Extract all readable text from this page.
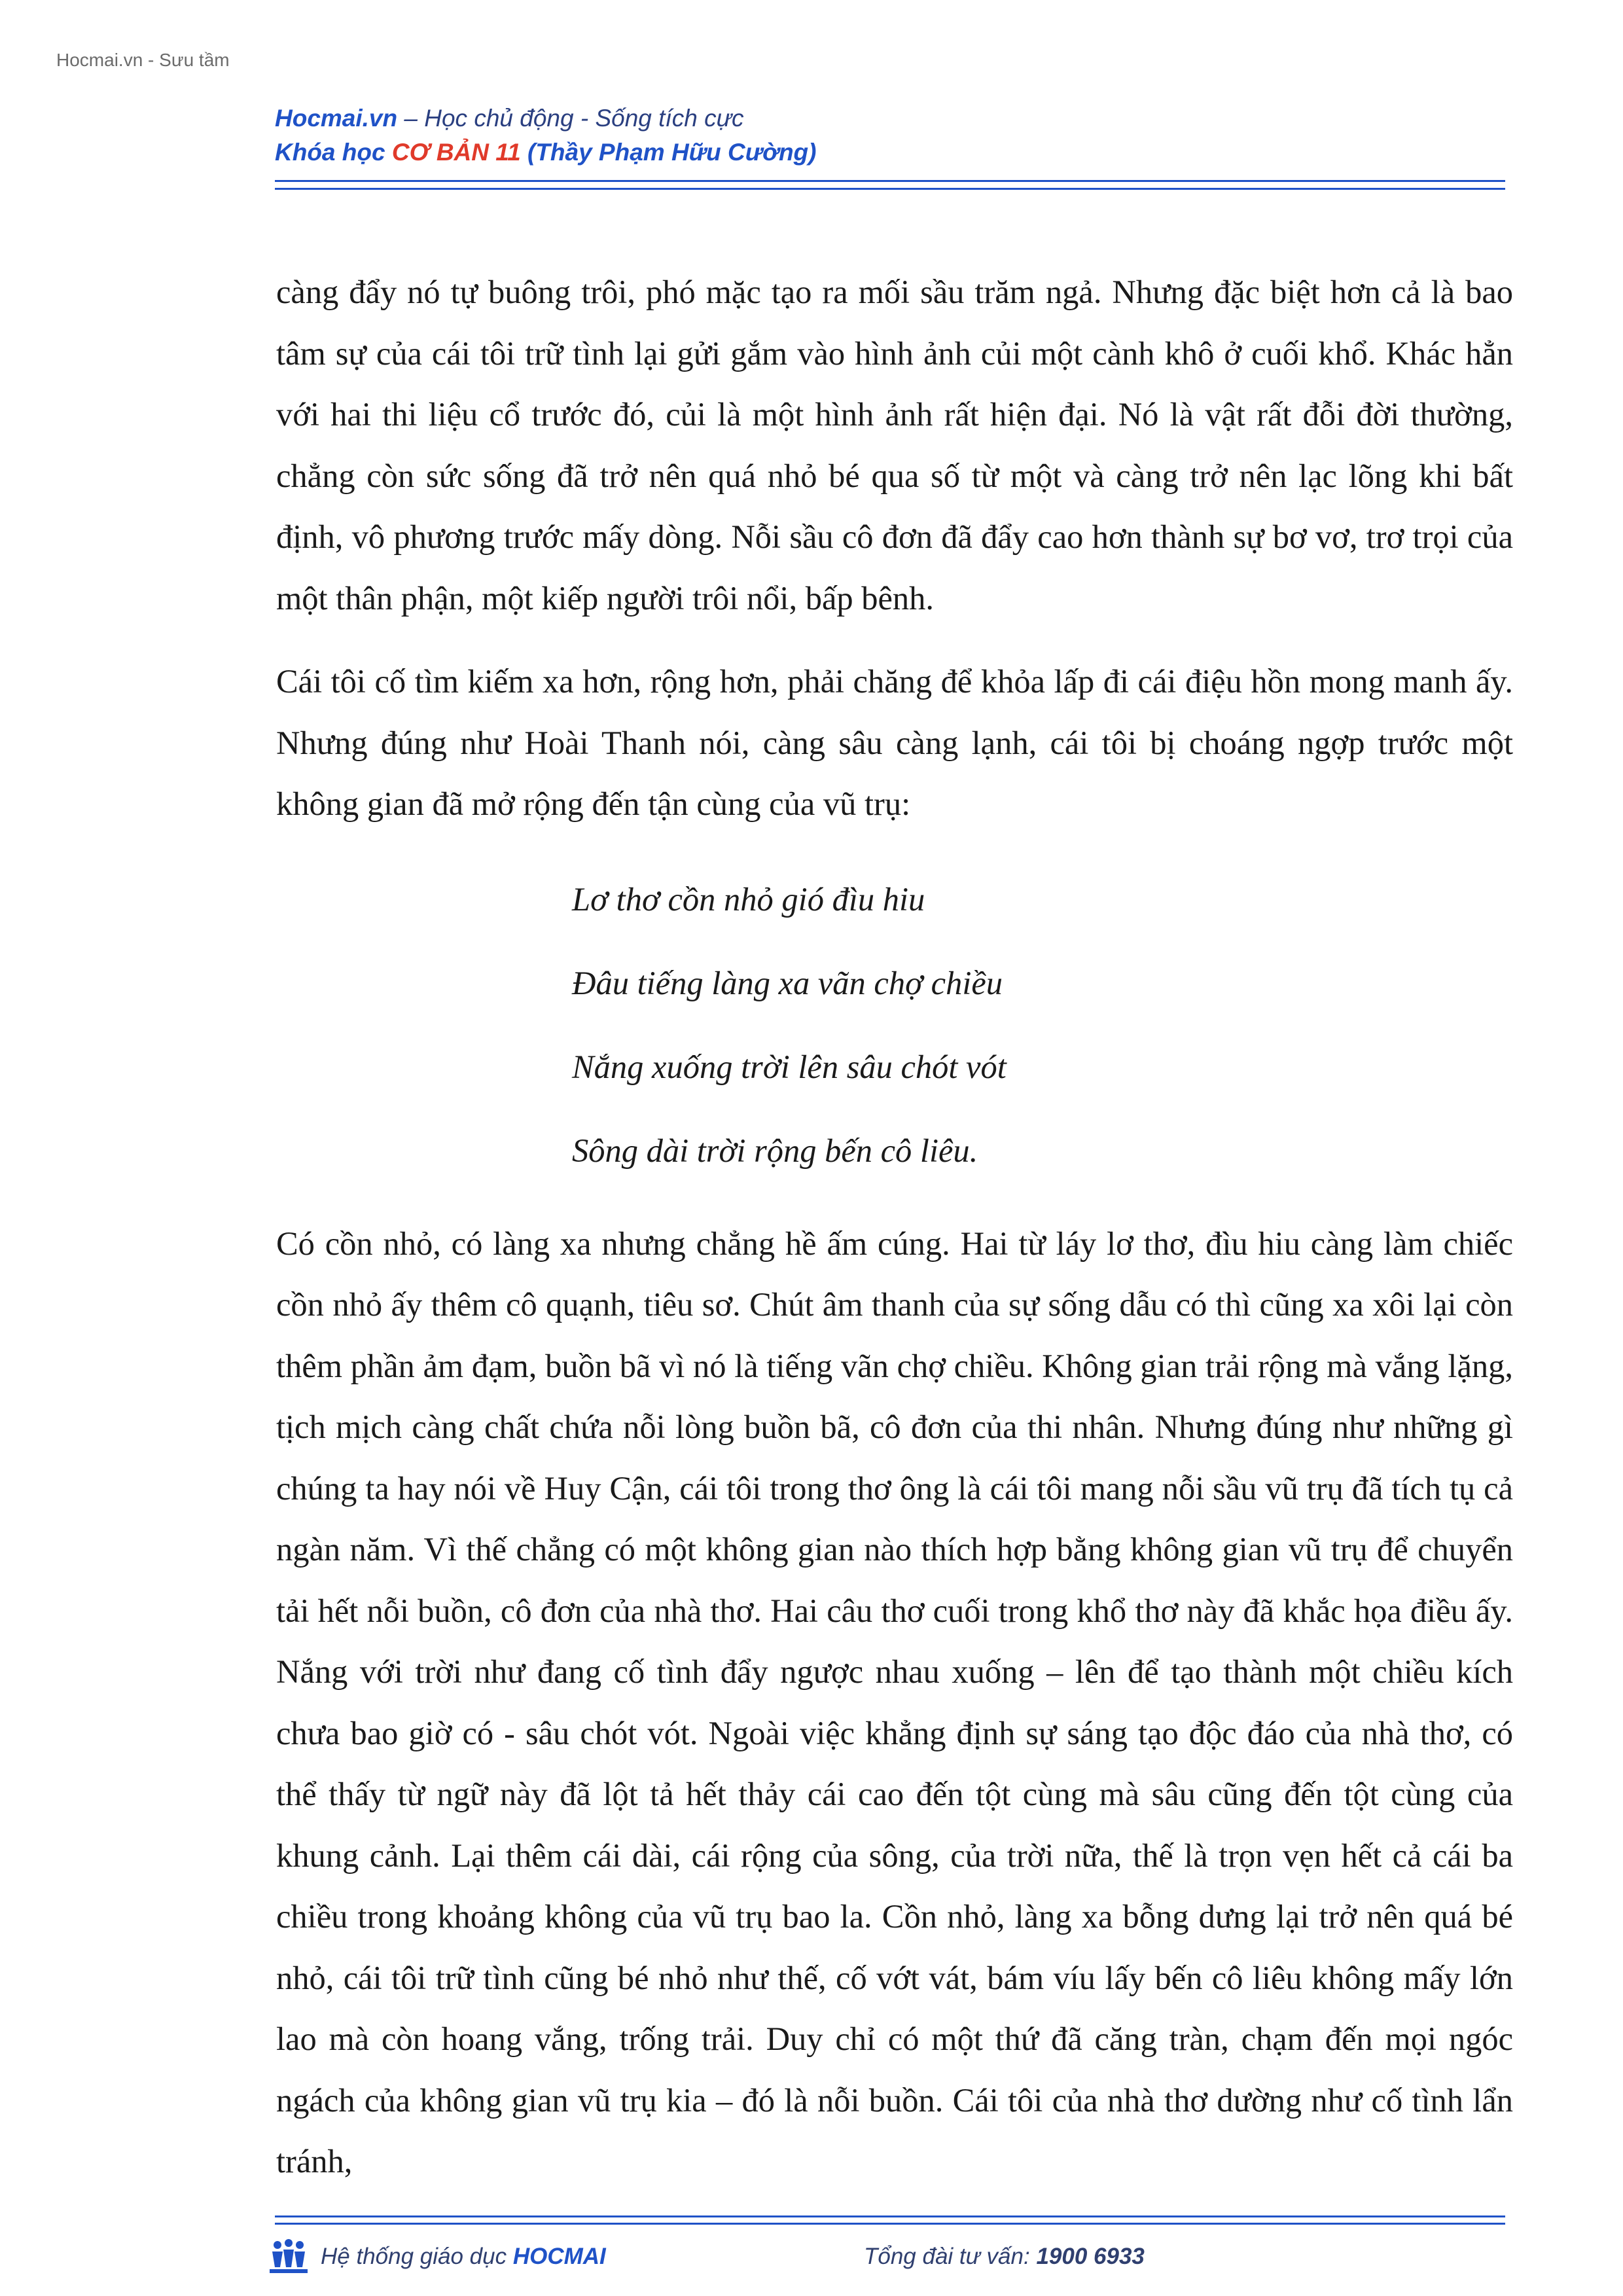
Hocmai.vn - Sưu tầm
Hocmai.vn – Học chủ động - Sống tích cực
Khóa học CƠ BẢN 11 (Thầy Phạm Hữu Cường)

càng đẩy nó tự buông trôi, phó mặc tạo ra mối sầu trăm ngả. Nhưng đặc biệt hơn cả là bao tâm sự của cái tôi trữ tình lại gửi gắm vào hình ảnh củi một cành khô ở cuối khổ. Khác hẳn với hai thi liệu cổ trước đó, củi là một hình ảnh rất hiện đại. Nó là vật rất đỗi đời thường, chẳng còn sức sống đã trở nên quá nhỏ bé qua số từ một và càng trở nên lạc lõng khi bất định, vô phương trước mấy dòng. Nỗi sầu cô đơn đã đẩy cao hơn thành sự bơ vơ, trơ trọi của một thân phận, một kiếp người trôi nổi, bấp bênh.

Cái tôi cố tìm kiếm xa hơn, rộng hơn, phải chăng để khỏa lấp đi cái điệu hồn mong manh ấy. Nhưng đúng như Hoài Thanh nói, càng sâu càng lạnh, cái tôi bị choáng ngợp trước một không gian đã mở rộng đến tận cùng của vũ trụ:

Lơ thơ cồn nhỏ gió đìu hiu
Đâu tiếng làng xa vãn chợ chiều
Nắng xuống trời lên sâu chót vót
Sông dài trời rộng bến cô liêu.

Có cồn nhỏ, có làng xa nhưng chẳng hề ấm cúng. Hai từ láy lơ thơ, đìu hiu càng làm chiếc cồn nhỏ ấy thêm cô quạnh, tiêu sơ. Chút âm thanh của sự sống dẫu có thì cũng xa xôi lại còn thêm phần ảm đạm, buồn bã vì nó là tiếng vãn chợ chiều. Không gian trải rộng mà vắng lặng, tịch mịch càng chất chứa nỗi lòng buồn bã, cô đơn của thi nhân. Nhưng đúng như những gì chúng ta hay nói về Huy Cận, cái tôi trong thơ ông là cái tôi mang nỗi sầu vũ trụ đã tích tụ cả ngàn năm. Vì thế chẳng có một không gian nào thích hợp bằng không gian vũ trụ để chuyển tải hết nỗi buồn, cô đơn của nhà thơ. Hai câu thơ cuối trong khổ thơ này đã khắc họa điều ấy. Nắng với trời như đang cố tình đẩy ngược nhau xuống – lên để tạo thành một chiều kích chưa bao giờ có - sâu chót vót. Ngoài việc khẳng định sự sáng tạo độc đáo của nhà thơ, có thể thấy từ ngữ này đã lột tả hết thảy cái cao đến tột cùng mà sâu cũng đến tột cùng của khung cảnh. Lại thêm cái dài, cái rộng của sông, của trời nữa, thế là trọn vẹn hết cả cái ba chiều trong khoảng không của vũ trụ bao la. Cồn nhỏ, làng xa bỗng dưng lại trở nên quá bé nhỏ, cái tôi trữ tình cũng bé nhỏ như thế, cố vớt vát, bám víu lấy bến cô liêu không mấy lớn lao mà còn hoang vắng, trống trải. Duy chỉ có một thứ đã căng tràn, chạm đến mọi ngóc ngách của không gian vũ trụ kia – đó là nỗi buồn. Cái tôi của nhà thơ dường như cố tình lẩn tránh,

Hệ thống giáo dục HOCMAI	Tổng đài tư vấn: 1900 6933
